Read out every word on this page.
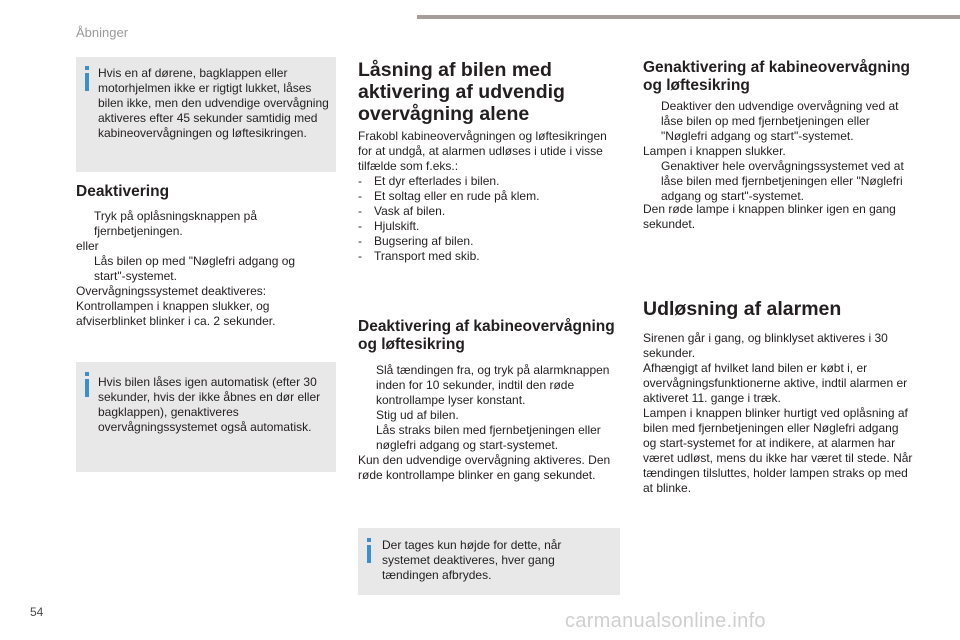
Åbninger
Hvis en af dørene, bagklappen eller motorhjelmen ikke er rigtigt lukket, låses bilen ikke, men den udvendige overvågning aktiveres efter 45 sekunder samtidig med kabineovervågningen og løftesikringen.
Deaktivering
Tryk på oplåsningsknappen på fjernbetjeningen.
eller
Lås bilen op med "Nøglefri adgang og start"-systemet.
Overvågningssystemet deaktiveres: Kontrollampen i knappen slukker, og afviserblinket blinker i ca. 2 sekunder.
Hvis bilen låses igen automatisk (efter 30 sekunder, hvis der ikke åbnes en dør eller bagklappen), genaktiveres overvågningssystemet også automatisk.
Låsning af bilen med aktivering af udvendig overvågning alene
Frakobl kabineovervågningen og løftesikringen for at undgå, at alarmen udløses i utide i visse tilfælde som f.eks.:
-	Et dyr efterlades i bilen.
-	Et soltag eller en rude på klem.
-	Vask af bilen.
-	Hjulskift.
-	Bugsering af bilen.
-	Transport med skib.
Deaktivering af kabineovervågning og løftesikring
Slå tændingen fra, og tryk på alarmknappen inden for 10 sekunder, indtil den røde kontrollampe lyser konstant.
Stig ud af bilen.
Lås straks bilen med fjernbetjeningen eller nøglefri adgang og start-systemet.
Kun den udvendige overvågning aktiveres. Den røde kontrollampe blinker en gang sekundet.
Der tages kun højde for dette, når systemet deaktiveres, hver gang tændingen afbrydes.
Genaktivering af kabineovervågning og løftesikring
Deaktiver den udvendige overvågning ved at låse bilen op med fjernbetjeningen eller "Nøglefri adgang og start"-systemet.
Lampen i knappen slukker.
Genaktiver hele overvågningssystemet ved at låse bilen med fjernbetjeningen eller "Nøglefri adgang og start"-systemet.
Den røde lampe i knappen blinker igen en gang sekundet.
Udløsning af alarmen
Sirenen går i gang, og blinklyset aktiveres i 30 sekunder.
Afhængigt af hvilket land bilen er købt i, er overvågningsfunktionerne aktive, indtil alarmen er aktiveret 11. gange i træk.
Lampen i knappen blinker hurtigt ved oplåsning af bilen med fjernbetjeningen eller Nøglefri adgang og start-systemet for at indikere, at alarmen har været udløst, mens du ikke har været til stede. Når tændingen tilsluttes, holder lampen straks op med at blinke.
54	carmanualsonline.info
